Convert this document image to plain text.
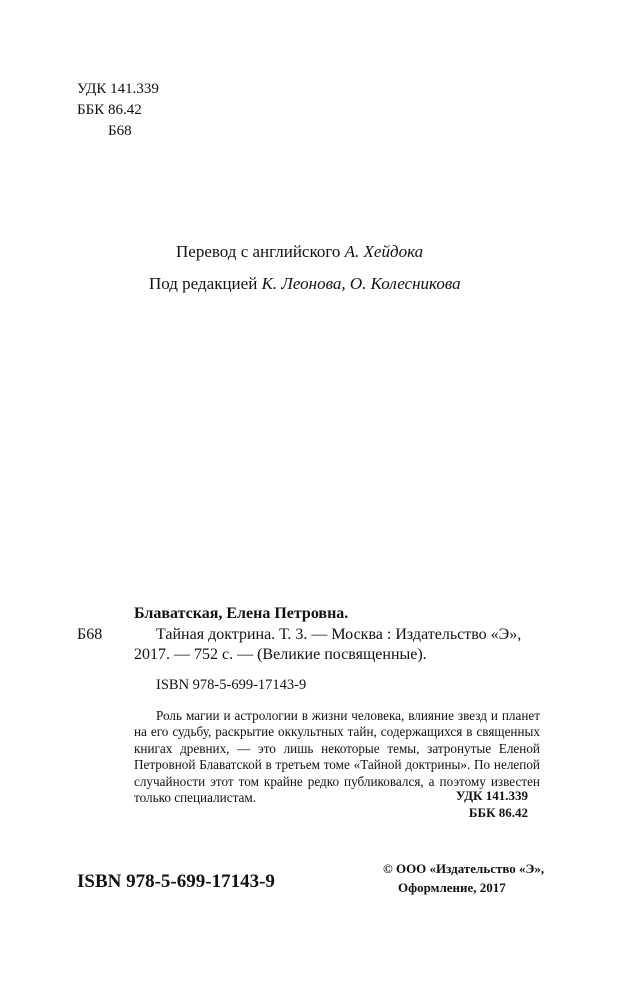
УДК 141.339
ББК 86.42
Б68
Перевод с английского А. Хейдока
Под редакцией К. Леонова, О. Колесникова
Блаватская, Елена Петровна.
Б68	Тайная доктрина. Т. 3. — Москва : Издательство «Э»,
2017. — 752 с. — (Великие посвященные).
ISBN 978-5-699-17143-9
Роль магии и астрологии в жизни человека, влияние звезд и планет на его судьбу, раскрытие оккультных тайн, содержащихся в священных книгах древних, — это лишь некоторые темы, затронутые Еленой Петровной Блаватской в третьем томе «Тайной доктрины». По нелепой случайности этот том крайне редко публиковался, а поэтому известен только специалистам.	УДК 141.339
ББК 86.42
ISBN 978-5-699-17143-9
© ООО «Издательство «Э»,
Оформление, 2017
